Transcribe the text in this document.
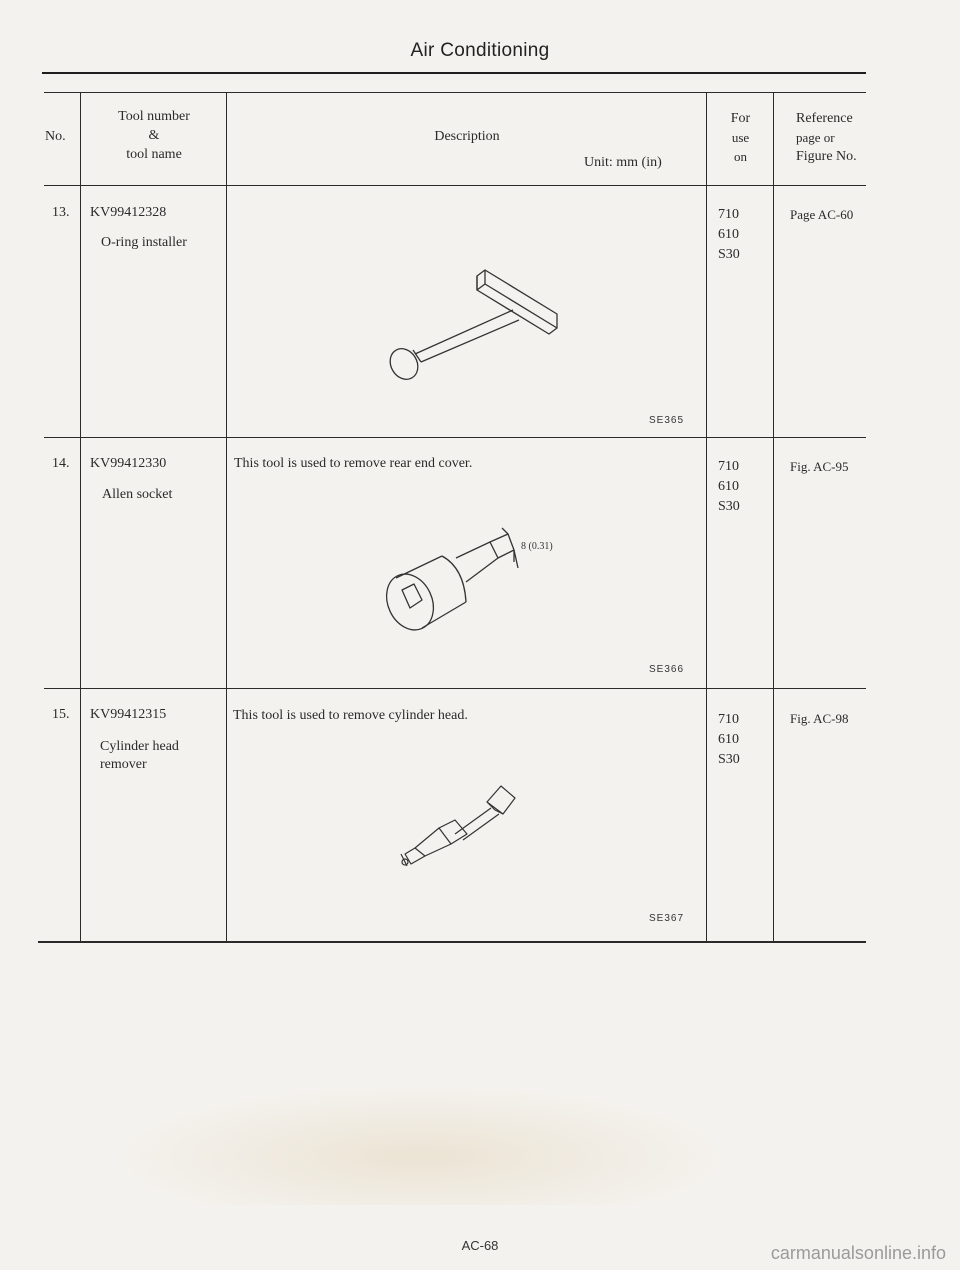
Air Conditioning
No.
Tool number
&
tool name
Description
Unit: mm (in)
For
use
on
Reference
page or
Figure No.
13. KV99412328
O-ring installer
SE365
710
610
S30
Page AC-60
14. KV99412330
Allen socket
This tool is used to remove rear end cover.
8 (0.31)
SE366
710
610
S30
Fig. AC-95
15. KV99412315
Cylinder head
remover
This tool is used to remove cylinder head.
SE367
710
610
S30
Fig. AC-98
AC-68	carmanualsonline.info
